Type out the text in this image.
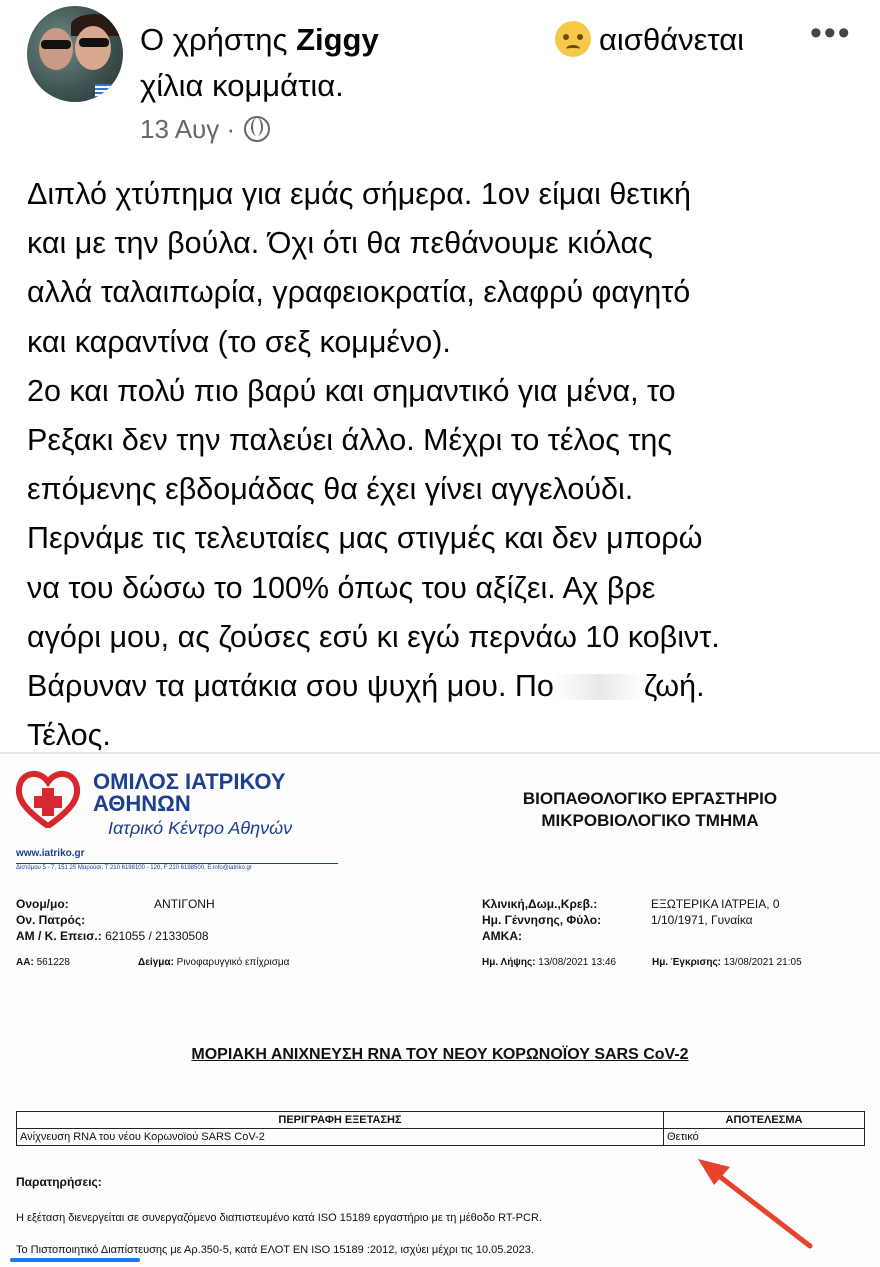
Ο χρήστης Ziggy	αισθάνεται •••
χίλια κομμάτια.
13 Αυγ ·

Διπλό χτύπημα για εμάς σήμερα. 1ον είμαι θετική

και με την βούλα. Όχι ότι θα πεθάνουμε κιόλας

αλλά ταλαιπωρία, γραφειοκρατία, ελαφρύ φαγητό

και καραντίνα (το σεξ κομμένο).

2ο και πολύ πιο βαρύ και σημαντικό για μένα, το

Ρεξακι δεν την παλεύει άλλο. Μέχρι το τέλος της

επόμενης εβδομάδας θα έχει γίνει αγγελούδι.

Περνάμε τις τελευταίες μας στιγμές και δεν μπορώ

να του δώσω το 100% όπως του αξίζει. Αχ βρε

αγόρι μου, ας ζούσες εσύ κι εγώ περνάω 10 κοβιντ.

Βάρυναν τα ματάκια σου ψυχή μου. Πο	ζωή.

Τέλος.

ΟΜΙΛΟΣ ΙΑΤΡΙΚΟΥ
ΑΘΗΝΩΝ
Ιατρικό Κέντρο Αθηνών
www.iatriko.gr
Διστόμου 5 - 7, 151 25 Μαρούσι, T 210 6198100 - 120, F 210 6198500, E info@iatriko.gr
ΒΙΟΠΑΘΟΛΟΓΙΚΟ ΕΡΓΑΣΤΗΡΙΟ
ΜΙΚΡΟΒΙΟΛΟΓΙΚΟ ΤΜΗΜΑ
Ονομ/μο:	ΑΝΤΙΓΟΝΗ
Ον. Πατρός:
ΑΜ / Κ. Επεισ.: 621055 / 21330508
ΑΑ: 561228	Δείγμα: Ρινοφαρυγγικό επίχρισμα
Κλινική,Δωμ.,Κρεβ.:	ΕΞΩΤΕΡΙΚΑ ΙΑΤΡΕΙΑ, 0
Ημ. Γέννησης, Φύλο:	1/10/1971, Γυναίκα
ΑΜΚΑ:
Ημ. Λήψης: 13/08/2021 13:46	Ημ. Έγκρισης: 13/08/2021 21:05
ΜΟΡΙΑΚΗ ΑΝΙΧΝΕΥΣΗ RNA ΤΟΥ ΝΕΟΥ ΚΟΡΩΝΟΪΟΥ SARS CoV-2
ΠΕΡΙΓΡΑΦΗ ΕΞΕΤΑΣΗΣ	ΑΠΟΤΕΛΕΣΜΑ
Ανίχνευση RNA του νέου Κορωνοϊού SARS CoV-2	Θετικό
Παρατηρήσεις:
Η εξέταση διενεργείται σε συνεργαζόμενο διαπιστευμένο κατά ISO 15189 εργαστήριο με τη μέθοδο RT-PCR.
Το Πιστοποιητικό Διαπίστευσης με Αρ.350-5, κατά ΕΛΟΤ ΕΝ ISO 15189 :2012, ισχύει μέχρι τις 10.05.2023.
